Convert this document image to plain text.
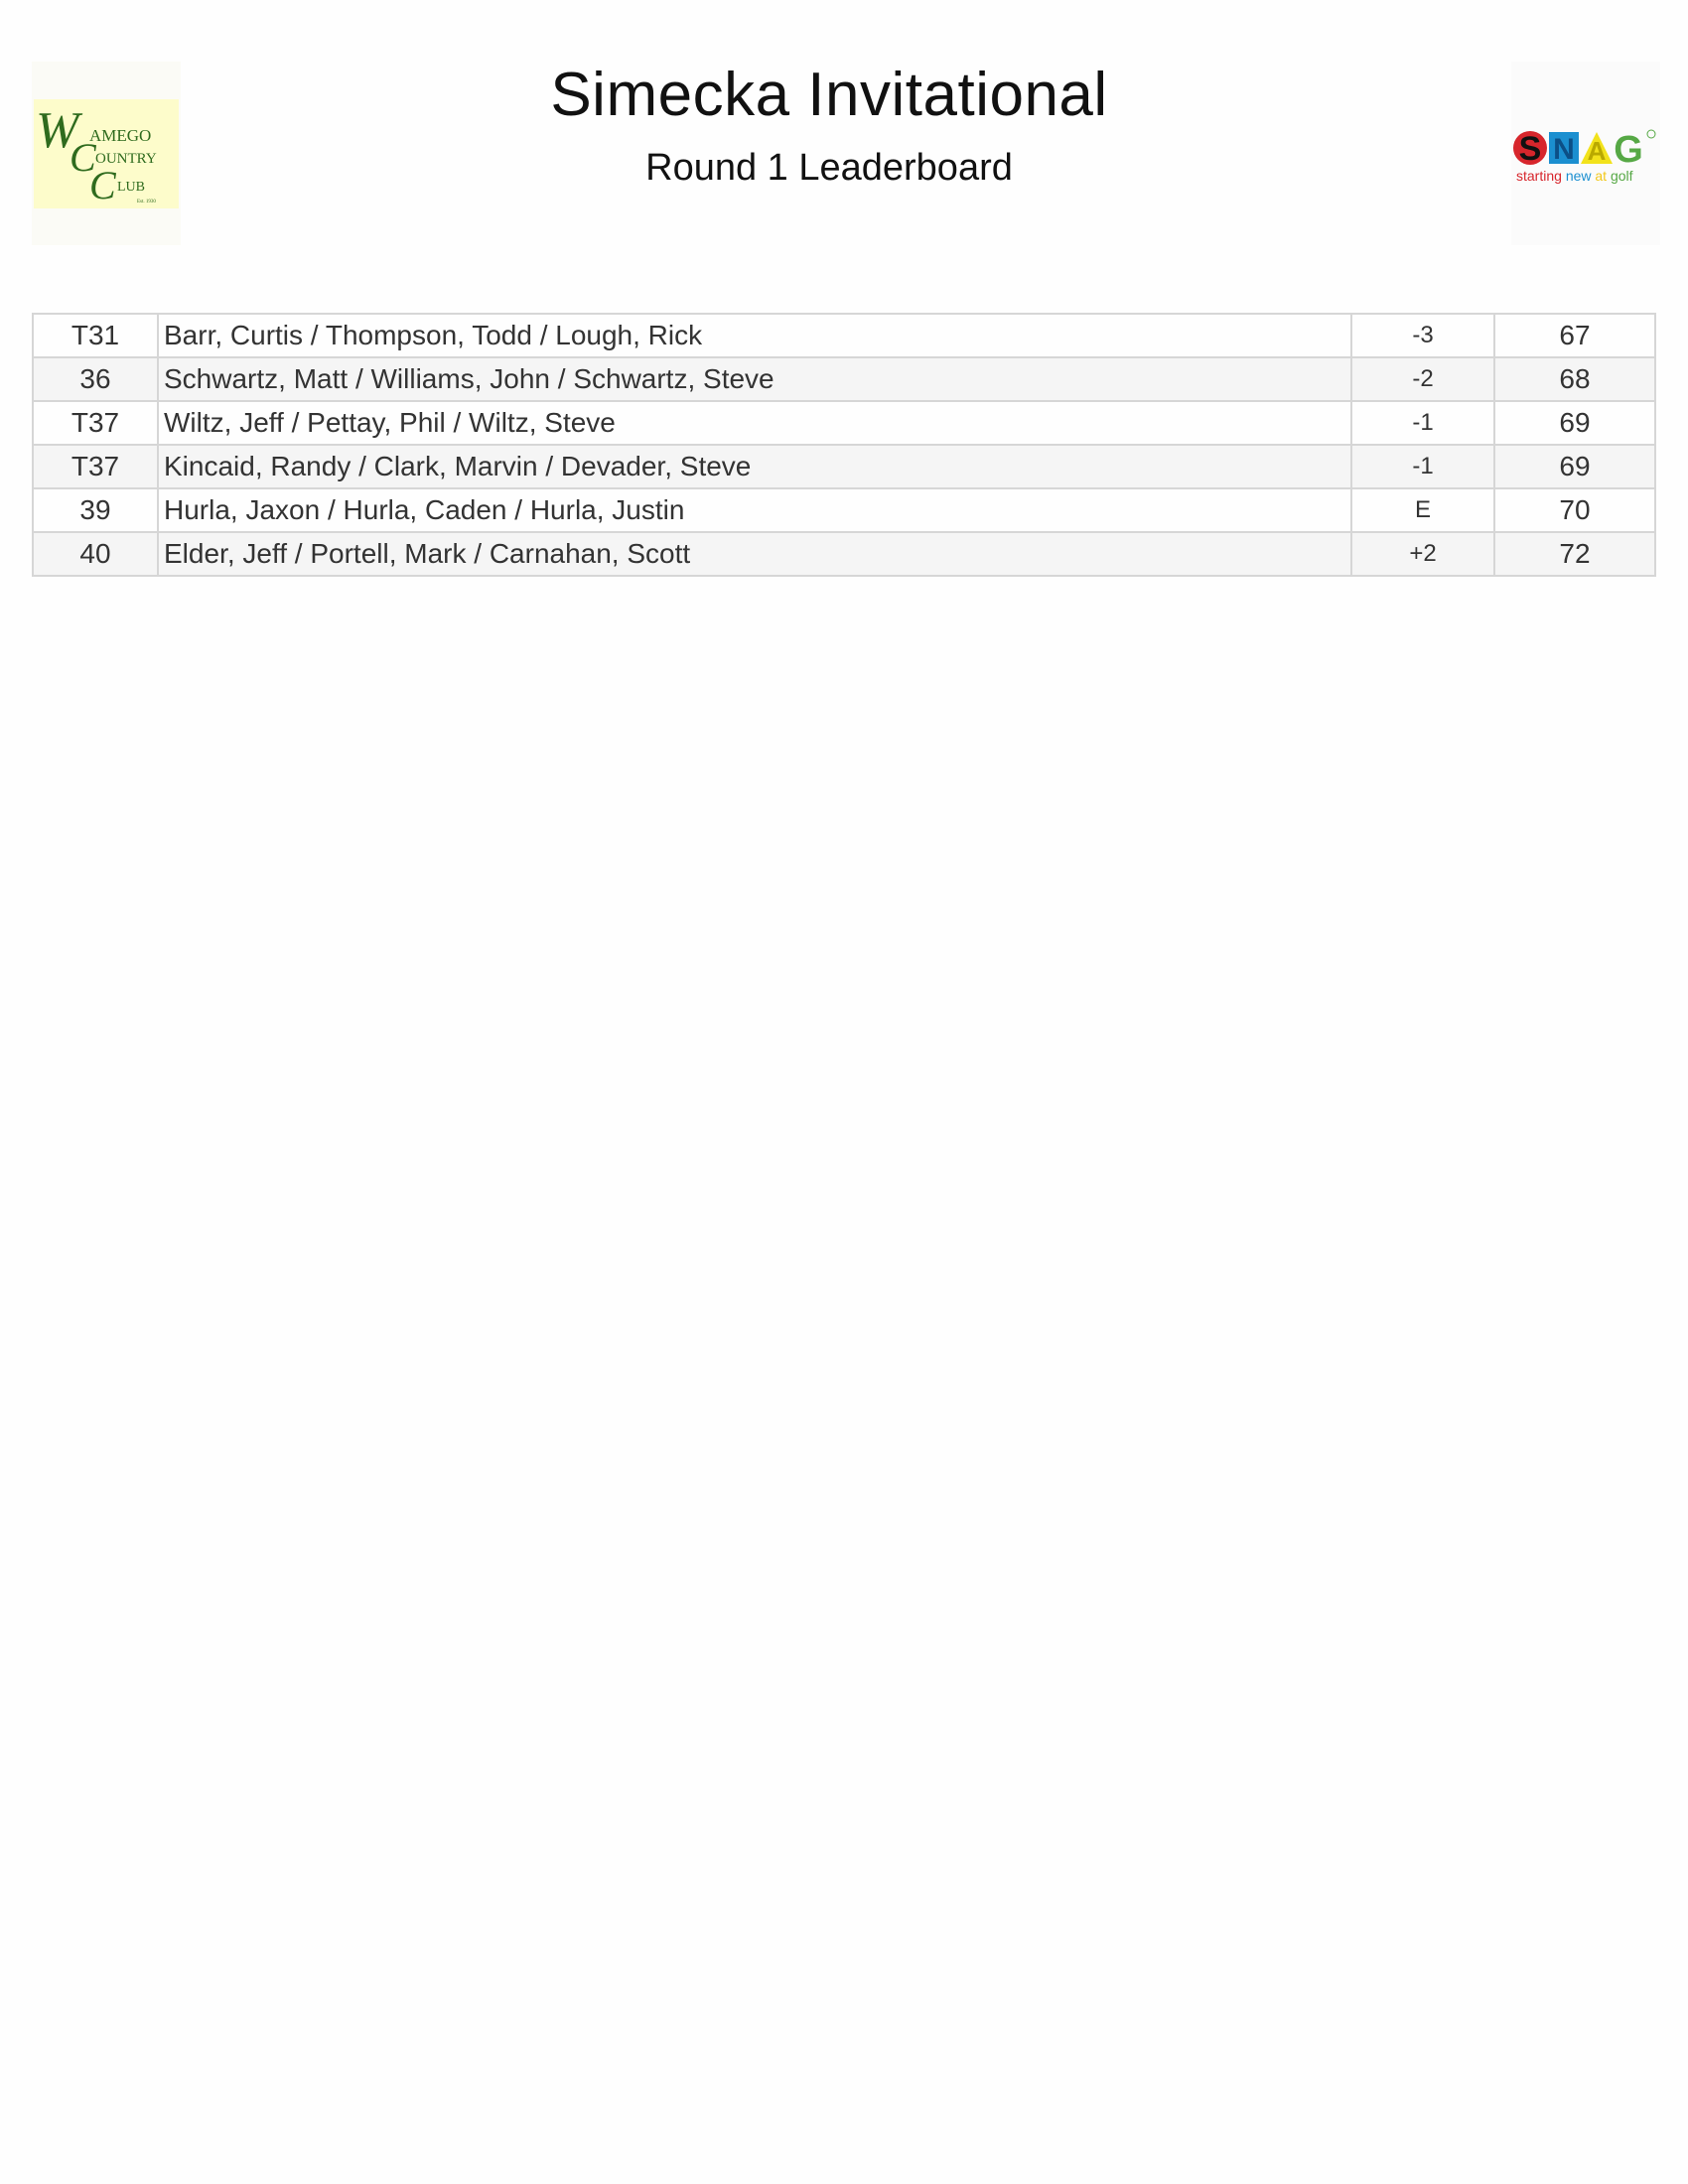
W AMEGO
C OUNTRY
C LUB
Est. 1930
Simecka Invitational
Round 1 Leaderboard	S N A G
starting new at golf
T31	Barr, Curtis / Thompson, Todd / Lough, Rick	-3	67
36	Schwartz, Matt / Williams, John / Schwartz, Steve	-2	68
T37	Wiltz, Jeff / Pettay, Phil / Wiltz, Steve	-1	69
T37	Kincaid, Randy / Clark, Marvin / Devader, Steve	-1	69
39	Hurla, Jaxon / Hurla, Caden / Hurla, Justin	E	70
40	Elder, Jeff / Portell, Mark / Carnahan, Scott	+2	72
